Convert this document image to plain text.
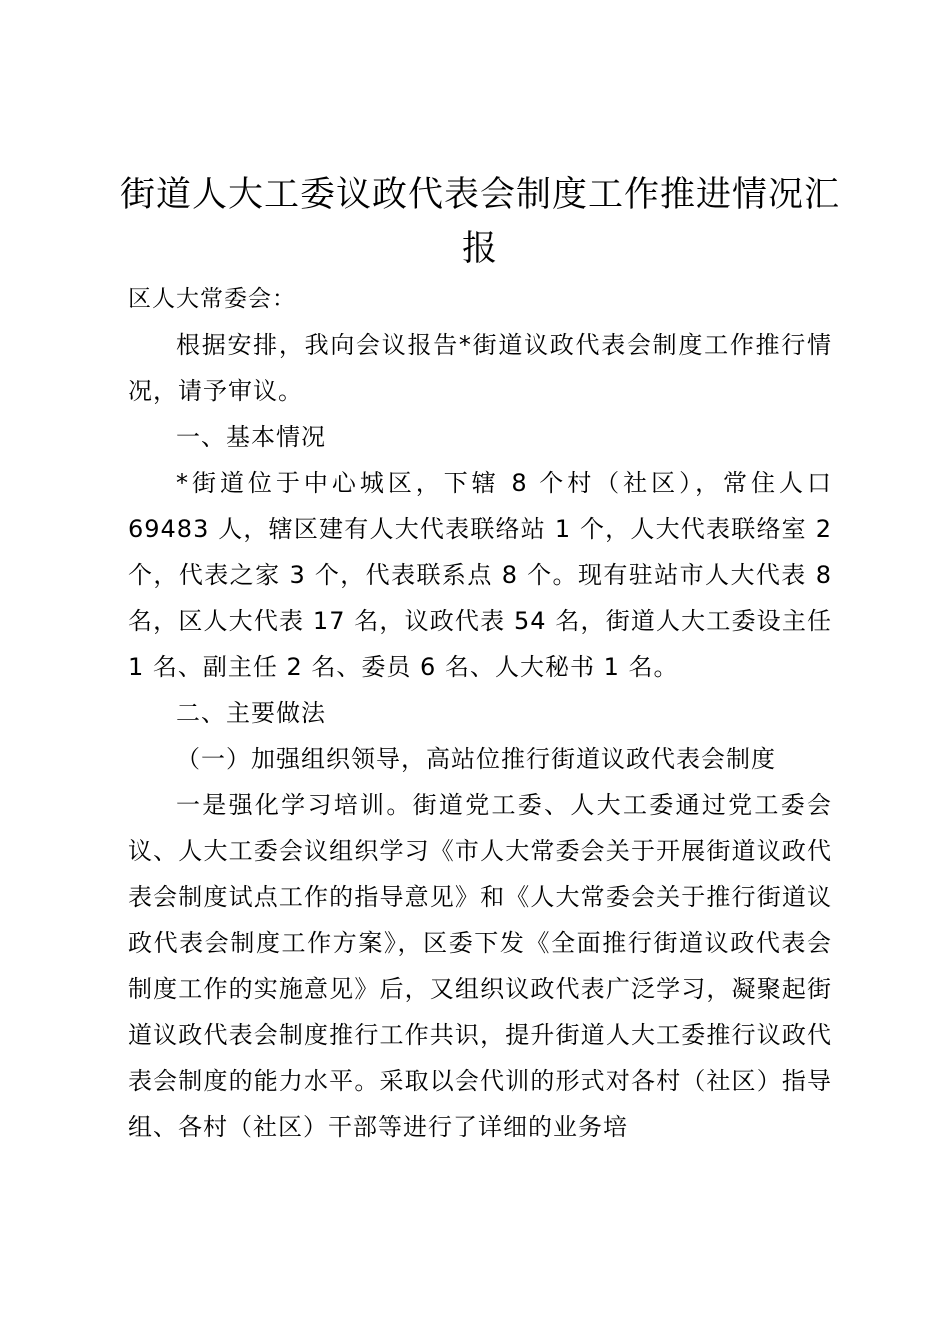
街道人大工委议政代表会制度工作推进情况汇报
区人大常委会：

根据安排，我向会议报告*街道议政代表会制度工作推行情况，请予审议。

一、基本情况

*街道位于中心城区，下辖 8 个村（社区），常住人口69483 人，辖区建有人大代表联络站 1 个，人大代表联络室 2 个，代表之家 3 个，代表联系点 8 个。现有驻站市人大代表 8 名，区人大代表 17 名，议政代表 54 名，街道人大工委设主任 1 名、副主任 2 名、委员 6 名、人大秘书 1 名。

二、主要做法

（一）加强组织领导，高站位推行街道议政代表会制度

一是强化学习培训。街道党工委、人大工委通过党工委会议、人大工委会议组织学习《市人大常委会关于开展街道议政代表会制度试点工作的指导意见》和《人大常委会关于推行街道议政代表会制度工作方案》，区委下发《全面推行街道议政代表会制度工作的实施意见》后，又组织议政代表广泛学习，凝聚起街道议政代表会制度推行工作共识，提升街道人大工委推行议政代表会制度的能力水平。采取以会代训的形式对各村（社区）指导组、各村（社区）干部等进行了详细的业务培
